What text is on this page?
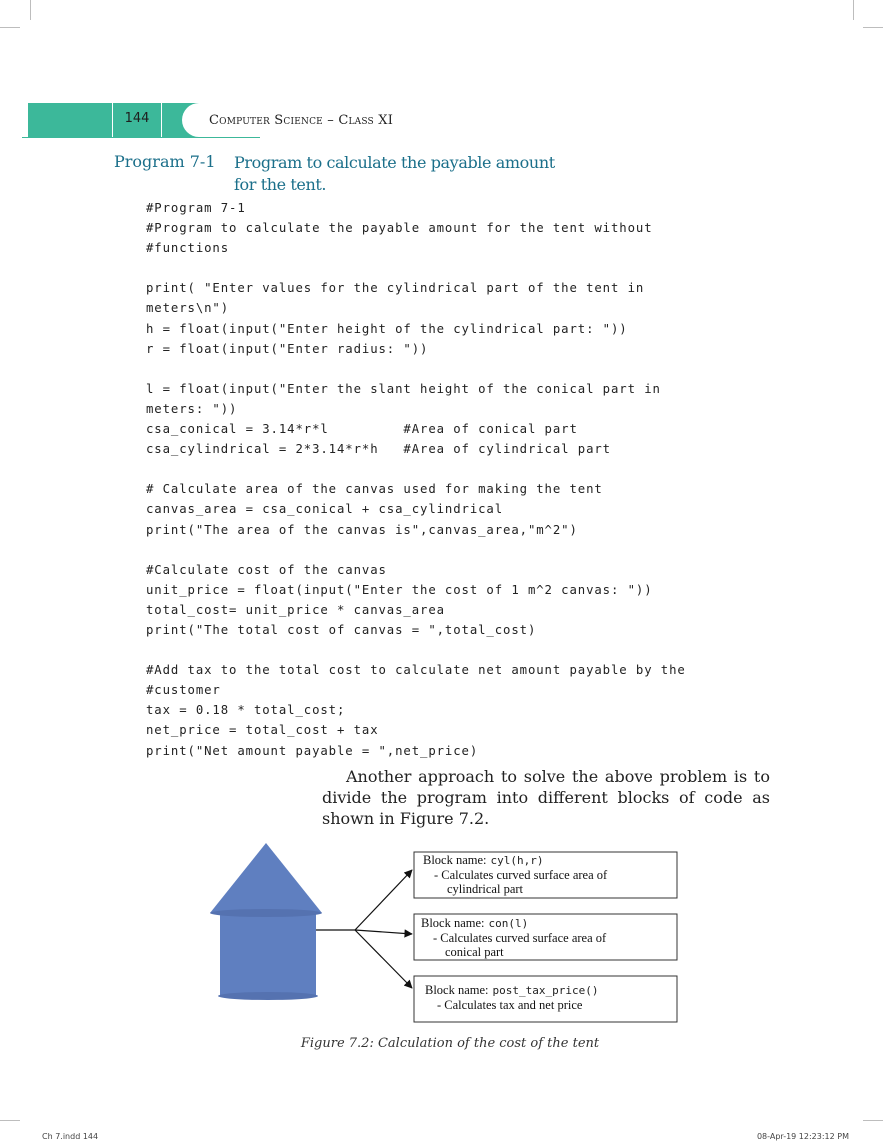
144	Computer Science – Class XI
Program 7-1 Program to calculate the payable amount for the tent.
#Program 7-1
#Program to calculate the payable amount for the tent without
#functions

print( "Enter values for the cylindrical part of the tent in
meters\n")
h = float(input("Enter height of the cylindrical part: "))
r = float(input("Enter radius: "))

l = float(input("Enter the slant height of the conical part in
meters: "))
csa_conical = 3.14*r*l         #Area of conical part
csa_cylindrical = 2*3.14*r*h   #Area of cylindrical part

# Calculate area of the canvas used for making the tent
canvas_area = csa_conical + csa_cylindrical
print("The area of the canvas is",canvas_area,"m^2")

#Calculate cost of the canvas
unit_price = float(input("Enter the cost of 1 m^2 canvas: "))
total_cost= unit_price * canvas_area
print("The total cost of canvas = ",total_cost)

#Add tax to the total cost to calculate net amount payable by the
#customer
tax = 0.18 * total_cost;
net_price = total_cost + tax
print("Net amount payable = ",net_price)
Another approach to solve the above problem is to divide the program into different blocks of code as shown in Figure 7.2.
Block name: cyl(h,r)
- Calculates curved surface area of
cylindrical part
Block name: con(l)
- Calculates curved surface area of
conical part
Block name: post_tax_price()
- Calculates tax and net price
Figure 7.2: Calculation of the cost of the tent
Ch 7.indd 144	08-Apr-19 12:23:12 PM
